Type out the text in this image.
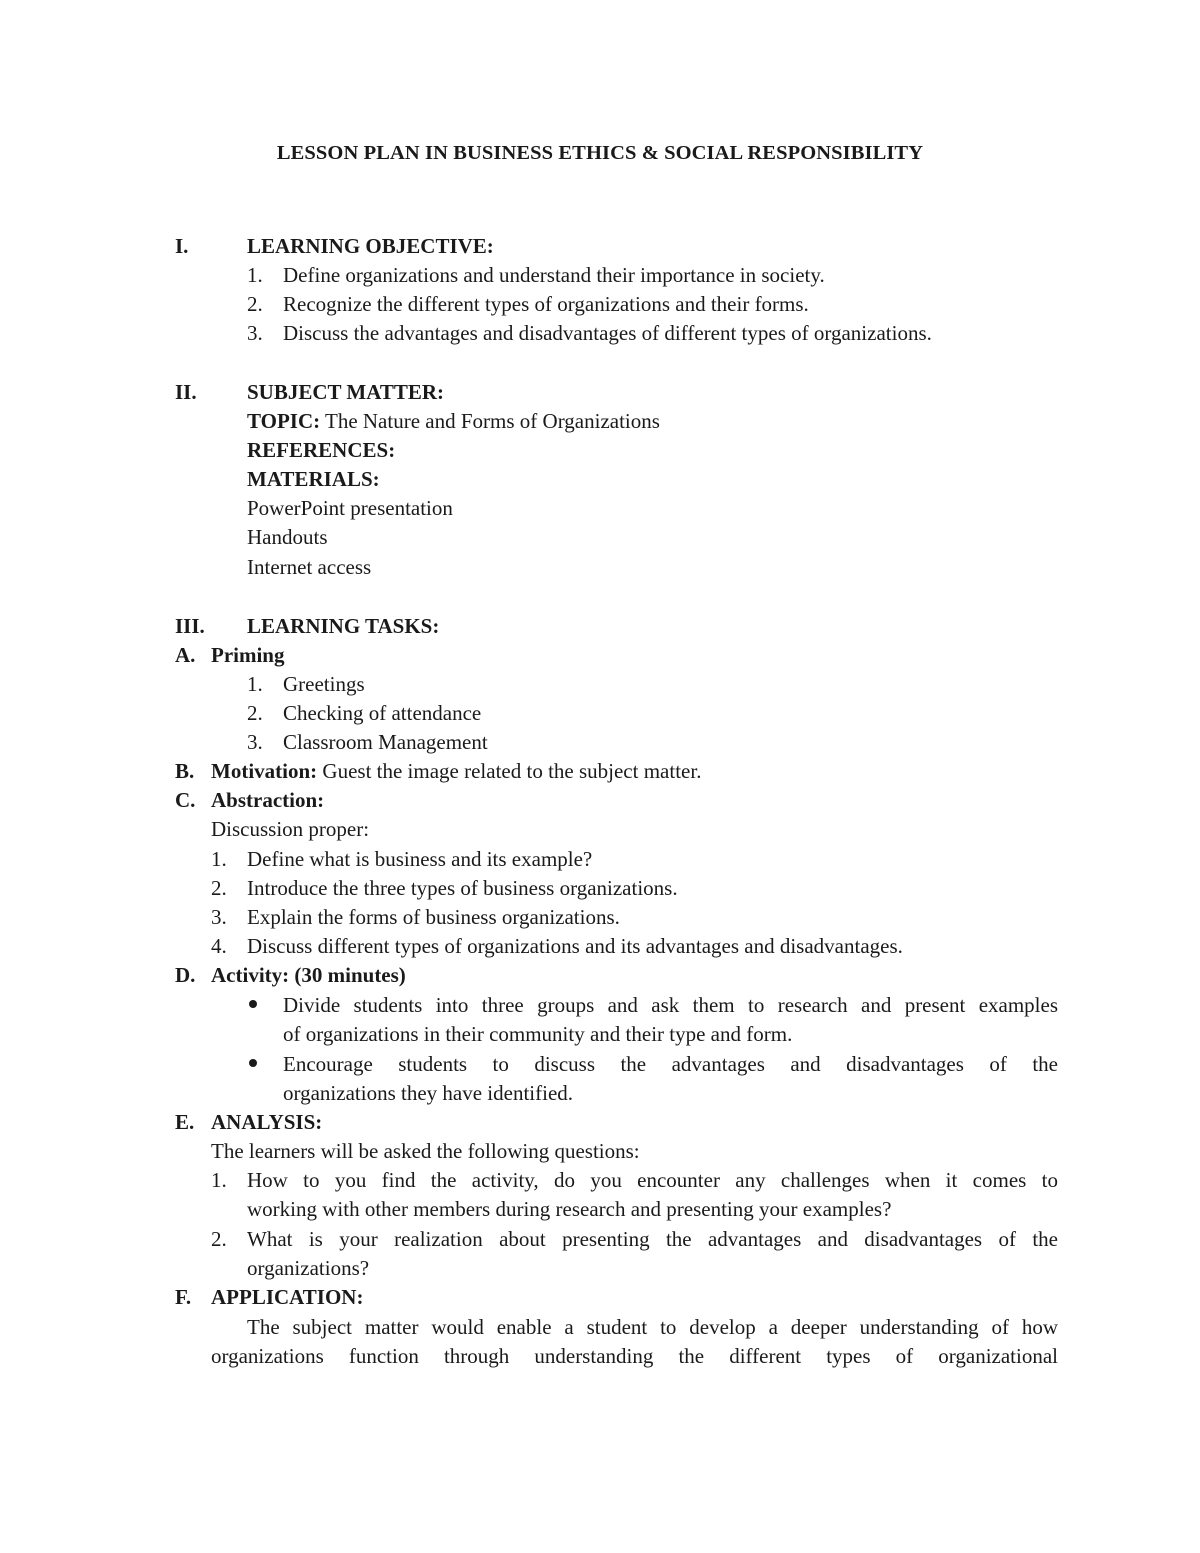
LESSON PLAN IN BUSINESS ETHICS & SOCIAL RESPONSIBILITY
I.	LEARNING OBJECTIVE:
1. Define organizations and understand their importance in society.
2. Recognize the different types of organizations and their forms.
3. Discuss the advantages and disadvantages of different types of organizations.
II. SUBJECT MATTER:
TOPIC: The Nature and Forms of Organizations
REFERENCES:
MATERIALS:
PowerPoint presentation
Handouts
Internet access
III. LEARNING TASKS:
A. Priming
1. Greetings
2. Checking of attendance
3. Classroom Management
B. Motivation: Guest the image related to the subject matter.
C. Abstraction:
Discussion proper:
1. Define what is business and its example?
2. Introduce the three types of business organizations.
3. Explain the forms of business organizations.
4. Discuss different types of organizations and its advantages and disadvantages.
D. Activity: (30 minutes)
Divide students into three groups and ask them to research and present examples
of organizations in their community and their type and form.
Encourage students to discuss the advantages and disadvantages of the
organizations they have identified.
E. ANALYSIS:
The learners will be asked the following questions:
1. How to you find the activity, do you encounter any challenges when it comes to
working with other members during research and presenting your examples?
2. What is your realization about presenting the advantages and disadvantages of the
organizations?
F. APPLICATION:
The subject matter would enable a student to develop a deeper understanding of how
organizations function through understanding the different types of organizational
